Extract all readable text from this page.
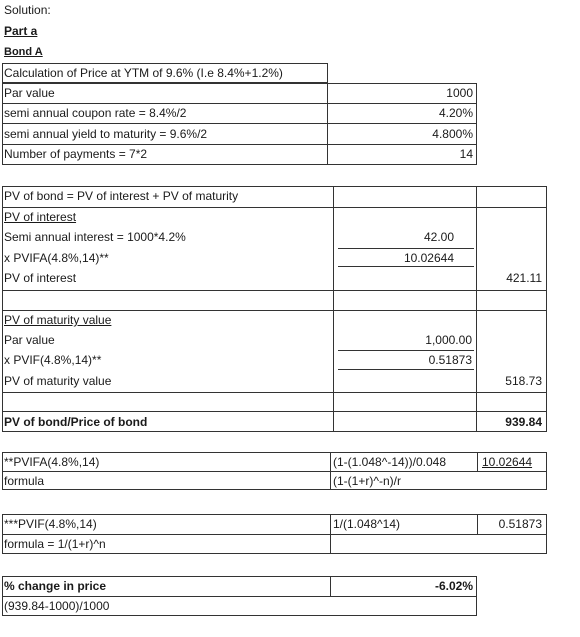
Solution:
Part a
Bond A
Calculation of Price at YTM of 9.6% (I.e 8.4%+1.2%)
Par value	1000
semi annual coupon rate = 8.4%/2	4.20%
semi annual yield to maturity = 9.6%/2	4.800%
Number of payments = 7*2	14
PV of bond = PV of interest + PV of maturity
PV of interest
Semi annual interest = 1000*4.2%	42.00
x PVIFA(4.8%,14)**	10.02644
PV of interest	421.11
PV of maturity value
Par value	1,000.00
x PVIF(4.8%,14)**	0.51873
PV of maturity value	518.73
PV of bond/Price of bond	939.84
**PVIFA(4.8%,14)	(1-(1.048^-14))/0.048	10.02644
formula	(1-(1+r)^-n)/r
***PVIF(4.8%,14)	1/(1.048^14)	0.51873
formula = 1/(1+r)^n
% change in price	-6.02%
(939.84-1000)/1000
